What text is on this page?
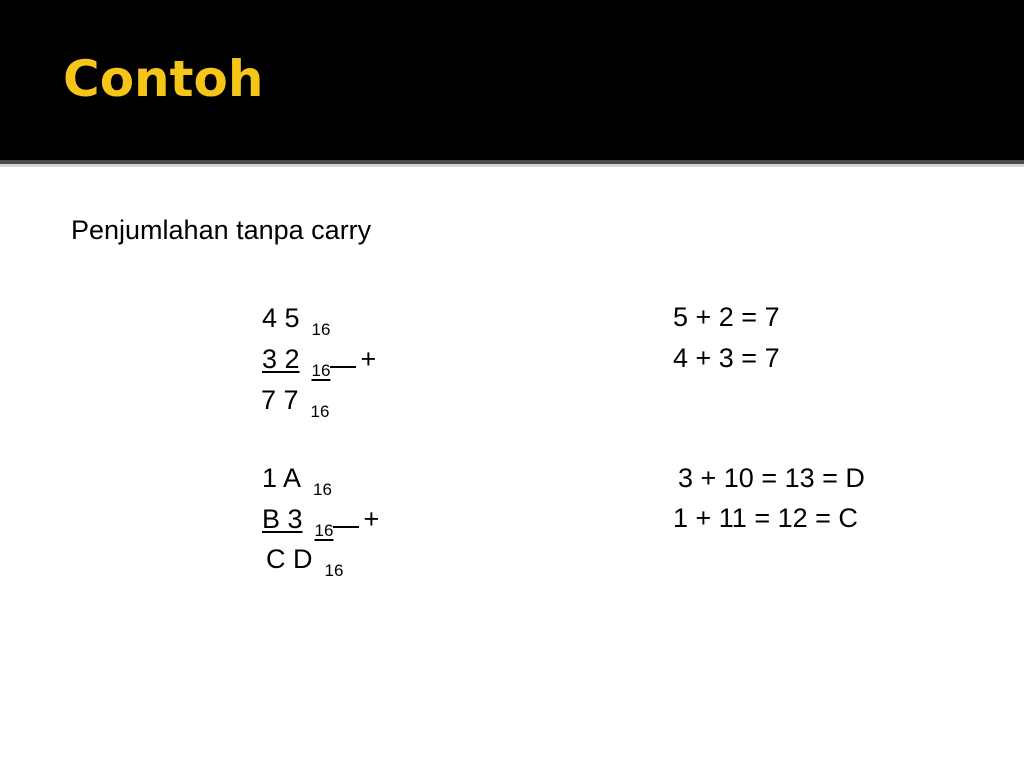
Contoh
Penjumlahan tanpa carry
4 5 $_{16}$
3 2 $_{16}$ +
7 7 $_{16}$
5 + 2 = 7
4 + 3 = 7
1 A $_{16}$
B 3 $_{16}$ +
C D $_{16}$
3 + 10 = 13 = D
1 + 11 = 12 = C
